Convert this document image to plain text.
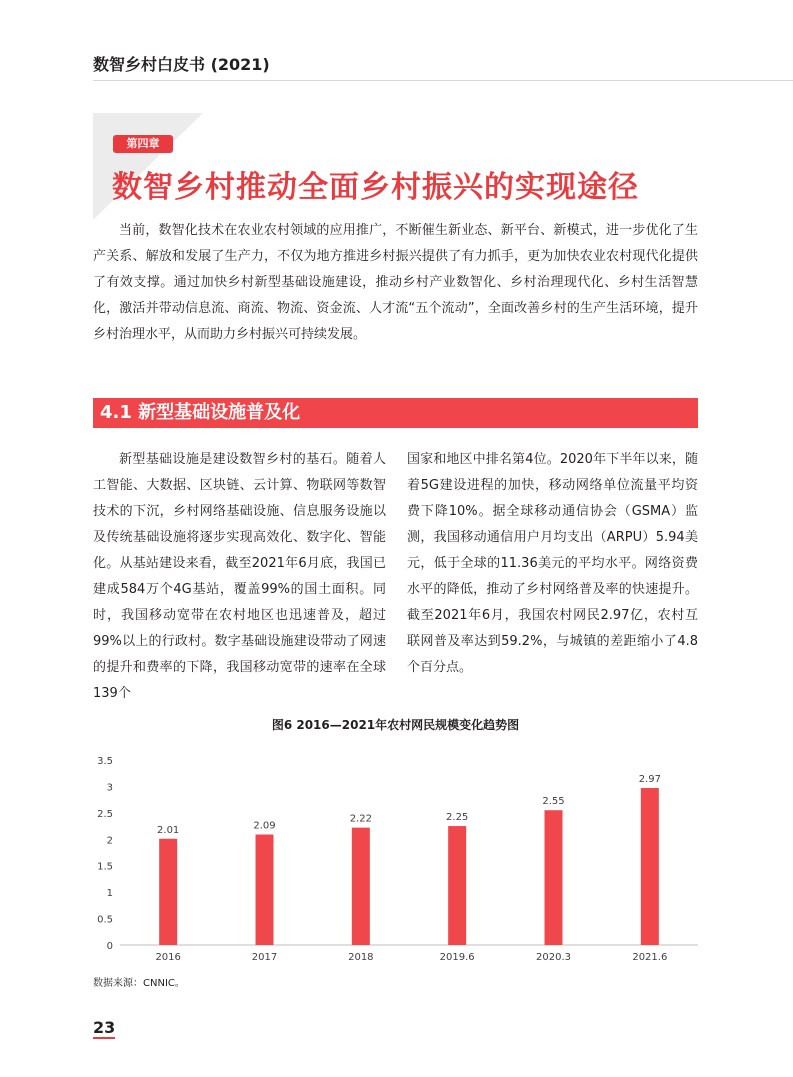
数智乡村白皮书 (2021)
第四章
数智乡村推动全面乡村振兴的实现途径

当前，数智化技术在农业农村领域的应用推广，不断催生新业态、新平台、新模式，进一步优化了生产关系、解放和发展了生产力，不仅为地方推进乡村振兴提供了有力抓手，更为加快农业农村现代化提供了有效支撑。通过加快乡村新型基础设施建设，推动乡村产业数智化、乡村治理现代化、乡村生活智慧化，激活并带动信息流、商流、物流、资金流、人才流“五个流动”，全面改善乡村的生产生活环境，提升乡村治理水平，从而助力乡村振兴可持续发展。

4.1 新型基础设施普及化

新型基础设施是建设数智乡村的基石。随着人工智能、大数据、区块链、云计算、物联网等数智技术的下沉，乡村网络基础设施、信息服务设施以及传统基础设施将逐步实现高效化、数字化、智能化。从基站建设来看，截至2021年6月底，我国已建成584万个4G基站，覆盖99%的国土面积。同时，我国移动宽带在农村地区也迅速普及，超过99%以上的行政村。数字基础设施建设带动了网速的提升和费率的下降，我国移动宽带的速率在全球139个

国家和地区中排名第4位。2020年下半年以来，随着5G建设进程的加快，移动网络单位流量平均资费下降10%。据全球移动通信协会（GSMA）监测，我国移动通信用户月均支出（ARPU）5.94美元，低于全球的11.36美元的平均水平。网络资费水平的降低，推动了乡村网络普及率的快速提升。截至2021年6月，我国农村网民2.97亿，农村互联网普及率达到59.2%，与城镇的差距缩小了4.8个百分点。

图6 2016—2021年农村网民规模变化趋势图
0
0.5
1
1.5
2
2.5
3
3.5
2.01
2016
2.09
2017
2.22
2018
2.25
2019.6
2.55
2020.3
2.97
2021.6
数据来源：CNNIC。
23
